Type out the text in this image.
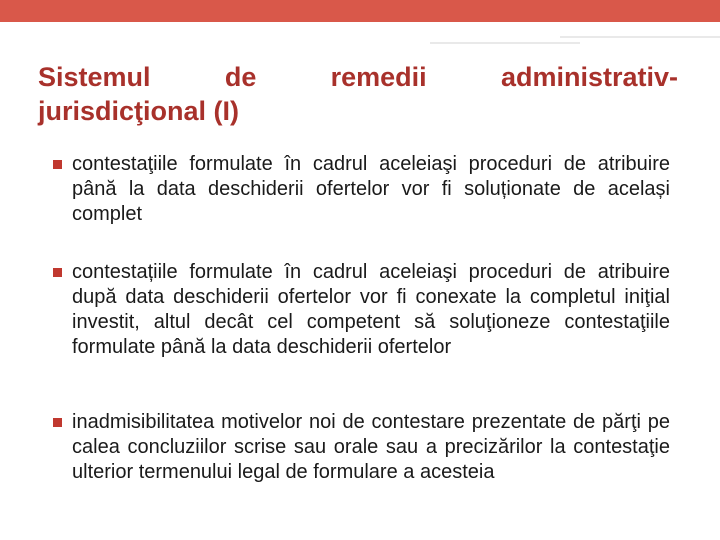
Sistemul de remedii administrativ-
jurisdicţional (I)
contestaţiile formulate în cadrul aceleiaşi proceduri de atribuire până la data deschiderii ofertelor vor fi soluționate de același complet
contestațiile formulate în cadrul aceleiaşi proceduri de atribuire după data deschiderii ofertelor vor fi conexate la completul iniţial investit, altul decât cel competent să soluţioneze contestaţiile formulate până la data deschiderii ofertelor
inadmisibilitatea motivelor noi de contestare prezentate de părţi pe calea concluziilor scrise sau orale sau a precizărilor la contestaţie ulterior termenului legal de formulare a acesteia
